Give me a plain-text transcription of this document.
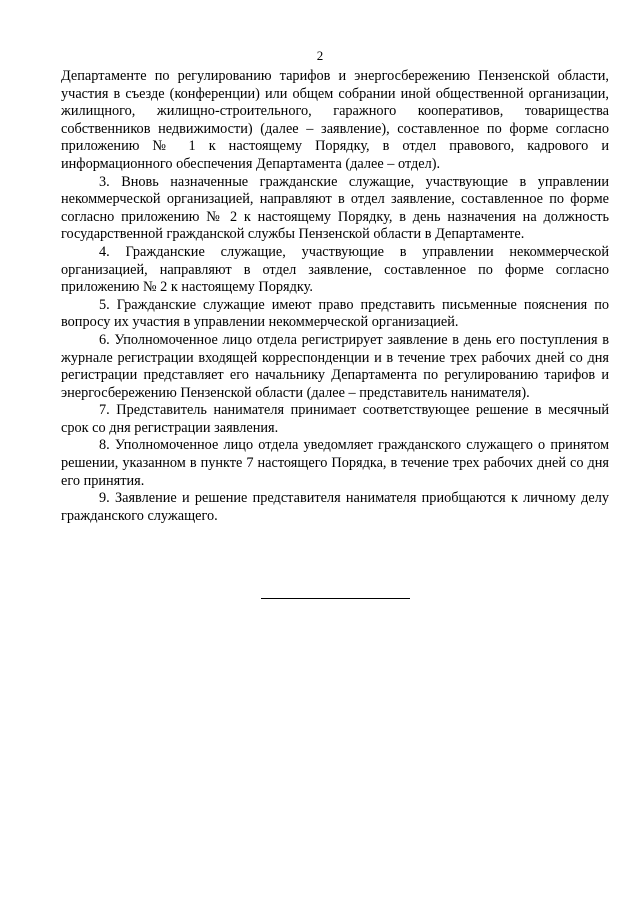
2

Департаменте по регулированию тарифов и энергосбережению Пензенской области, участия в съезде (конференции) или общем собрании иной общественной организации, жилищного, жилищно-строительного, гаражного кооперативов, товарищества собственников недвижимости) (далее – заявление), составленное по форме согласно приложению № 1 к настоящему Порядку, в отдел правового, кадрового и информационного обеспечения Департамента (далее – отдел).

3. Вновь назначенные гражданские служащие, участвующие в управлении некоммерческой организацией, направляют в отдел заявление, составленное по форме согласно приложению № 2 к настоящему Порядку, в день назначения на должность государственной гражданской службы Пензенской области в Департаменте.

4. Гражданские служащие, участвующие в управлении некоммерческой организацией, направляют в отдел заявление, составленное по форме согласно приложению № 2 к настоящему Порядку.

5. Гражданские служащие имеют право представить письменные пояснения по вопросу их участия в управлении некоммерческой организацией.

6. Уполномоченное лицо отдела регистрирует заявление в день его поступления в журнале регистрации входящей корреспонденции и в течение трех рабочих дней со дня регистрации представляет его начальнику Департамента по регулированию тарифов и энергосбережению Пензенской области (далее – представитель нанимателя).

7. Представитель нанимателя принимает соответствующее решение в месячный срок со дня регистрации заявления.

8. Уполномоченное лицо отдела уведомляет гражданского служащего о принятом решении, указанном в пункте 7 настоящего Порядка, в течение трех рабочих дней со дня его принятия.

9. Заявление и решение представителя нанимателя приобщаются к личному делу гражданского служащего.
